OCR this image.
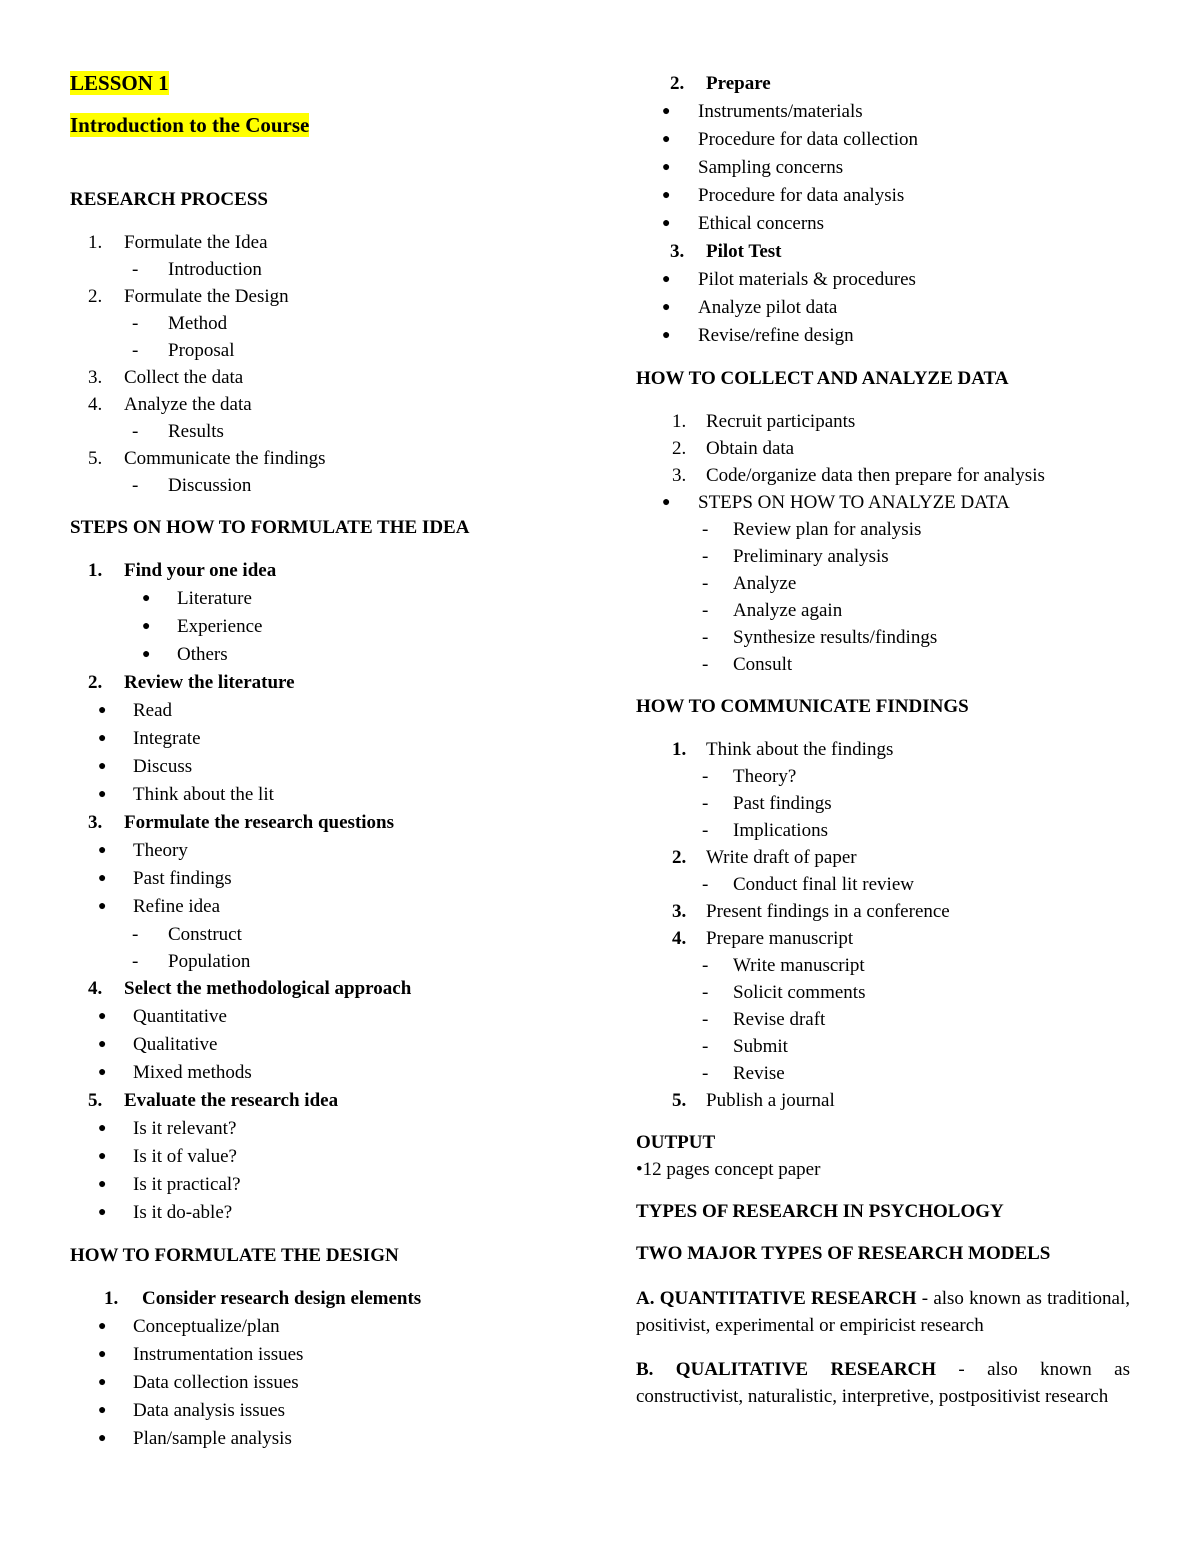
LESSON 1

Introduction to the Course

RESEARCH PROCESS

1. Formulate the Idea
- Introduction
2. Formulate the Design
- Method
- Proposal
3. Collect the data
4. Analyze the data
- Results
5. Communicate the findings
- Discussion

STEPS ON HOW TO FORMULATE THE IDEA

1. Find your one idea
● Literature
● Experience
● Others
2. Review the literature
● Read
● Integrate
● Discuss
● Think about the lit
3. Formulate the research questions
● Theory
● Past findings
● Refine idea
- Construct
- Population
4. Select the methodological approach
● Quantitative
● Qualitative
● Mixed methods
5. Evaluate the research idea
● Is it relevant?
● Is it of value?
● Is it practical?
● Is it do-able?

HOW TO FORMULATE THE DESIGN

1. Consider research design elements
● Conceptualize/plan
● Instrumentation issues
● Data collection issues
● Data analysis issues
● Plan/sample analysis
2. Prepare
● Instruments/materials
● Procedure for data collection
● Sampling concerns
● Procedure for data analysis
● Ethical concerns
3. Pilot Test
● Pilot materials & procedures
● Analyze pilot data
● Revise/refine design

HOW TO COLLECT AND ANALYZE DATA

1. Recruit participants
2. Obtain data
3. Code/organize data then prepare for analysis
● STEPS ON HOW TO ANALYZE DATA
- Review plan for analysis
- Preliminary analysis
- Analyze
- Analyze again
- Synthesize results/findings
- Consult

HOW TO COMMUNICATE FINDINGS

1. Think about the findings
- Theory?
- Past findings
- Implications
2. Write draft of paper
- Conduct final lit review
3. Present findings in a conference
4. Prepare manuscript
- Write manuscript
- Solicit comments
- Revise draft
- Submit
- Revise
5. Publish a journal

OUTPUT

•12 pages concept paper

TYPES OF RESEARCH IN PSYCHOLOGY

TWO MAJOR TYPES OF RESEARCH MODELS

A. QUANTITATIVE RESEARCH - also known as traditional, positivist, experimental or empiricist research

B. QUALITATIVE RESEARCH - also known as constructivist, naturalistic, interpretive, postpositivist research
